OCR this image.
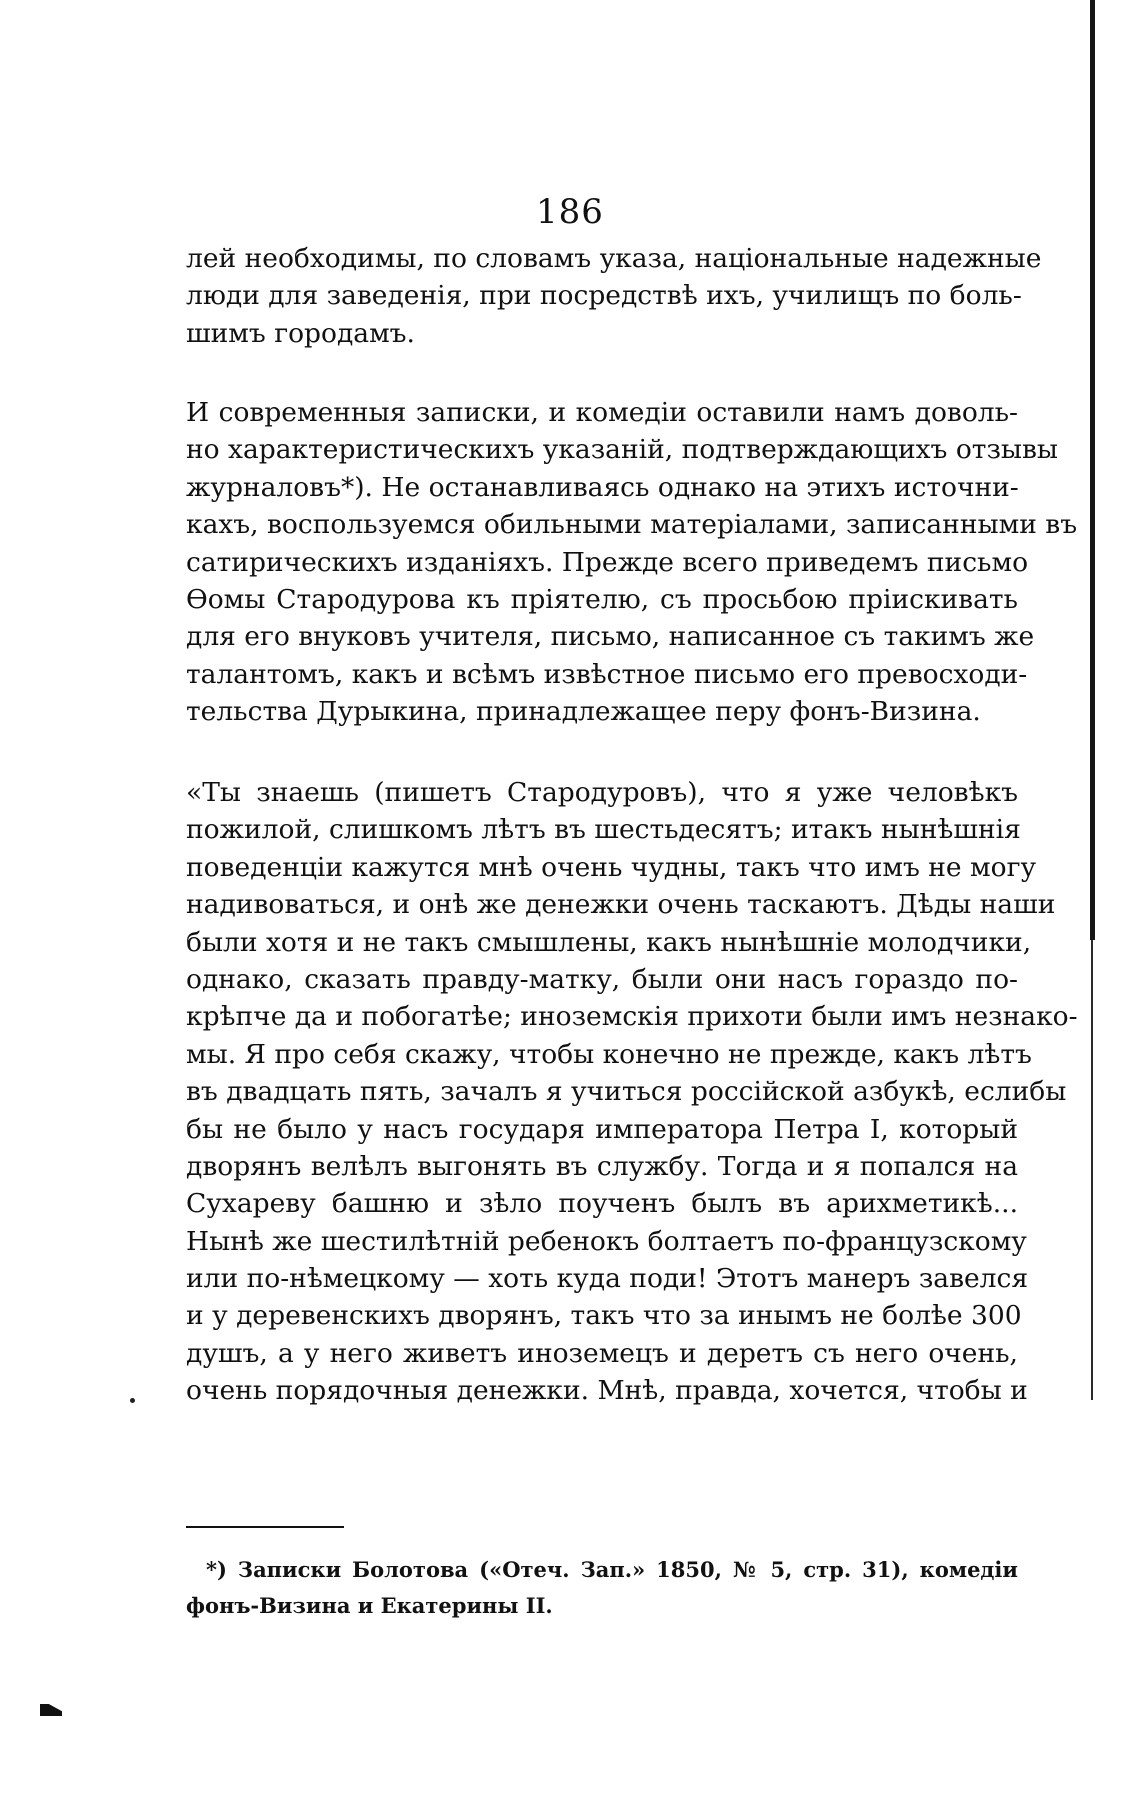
186
лей необходимы, по словамъ указа, національные надежные
люди для заведенія, при посредствѣ ихъ, училищъ по боль-
шимъ городамъ.
И современныя записки, и комедіи оставили намъ доволь-
но характеристическихъ указаній, подтверждающихъ отзывы
журналовъ*). Не останавливаясь однако на этихъ источни-
кахъ, воспользуемся обильными матеріалами, записанными въ
сатирическихъ изданіяхъ. Прежде всего приведемъ письмо
Ѳомы Стародурова къ пріятелю, съ просьбою пріискивать
для его внуковъ учителя, письмо, написанное съ такимъ же
талантомъ, какъ и всѣмъ извѣстное письмо его превосходи-
тельства Дурыкина, принадлежащее перу фонъ-Визина.
«Ты знаешь (пишетъ Стародуровъ), что я уже человѣкъ
пожилой, слишкомъ лѣтъ въ шестьдесятъ; итакъ нынѣшнія
поведенціи кажутся мнѣ очень чудны, такъ что имъ не могу
надивоваться, и онѣ же денежки очень таскаютъ. Дѣды наши
были хотя и не такъ смышлены, какъ нынѣшніе молодчики,
однако, сказать правду-матку, были они насъ гораздо по-
крѣпче да и побогатѣе; иноземскія прихоти были имъ незнако-
мы. Я про себя скажу, чтобы конечно не прежде, какъ лѣтъ
въ двадцать пять, зачалъ я учиться россійской азбукѣ, еслибы
бы не было у насъ государя императора Петра I, который
дворянъ велѣлъ выгонять въ службу. Тогда и я попался на
Сухареву башню и зѣло поученъ былъ въ арихметикѣ...
Нынѣ же шестилѣтній ребенокъ болтаетъ по-французскому
или по-нѣмецкому — хоть куда поди! Этотъ манеръ завелся
и у деревенскихъ дворянъ, такъ что за инымъ не болѣе 300
душъ, а у него живетъ иноземецъ и деретъ съ него очень,
очень порядочныя денежки. Мнѣ, правда, хочется, чтобы и
*) Записки Болотова («Отеч. Зап.» 1850, № 5, стр. 31), комедіи
фонъ-Визина и Екатерины II.
